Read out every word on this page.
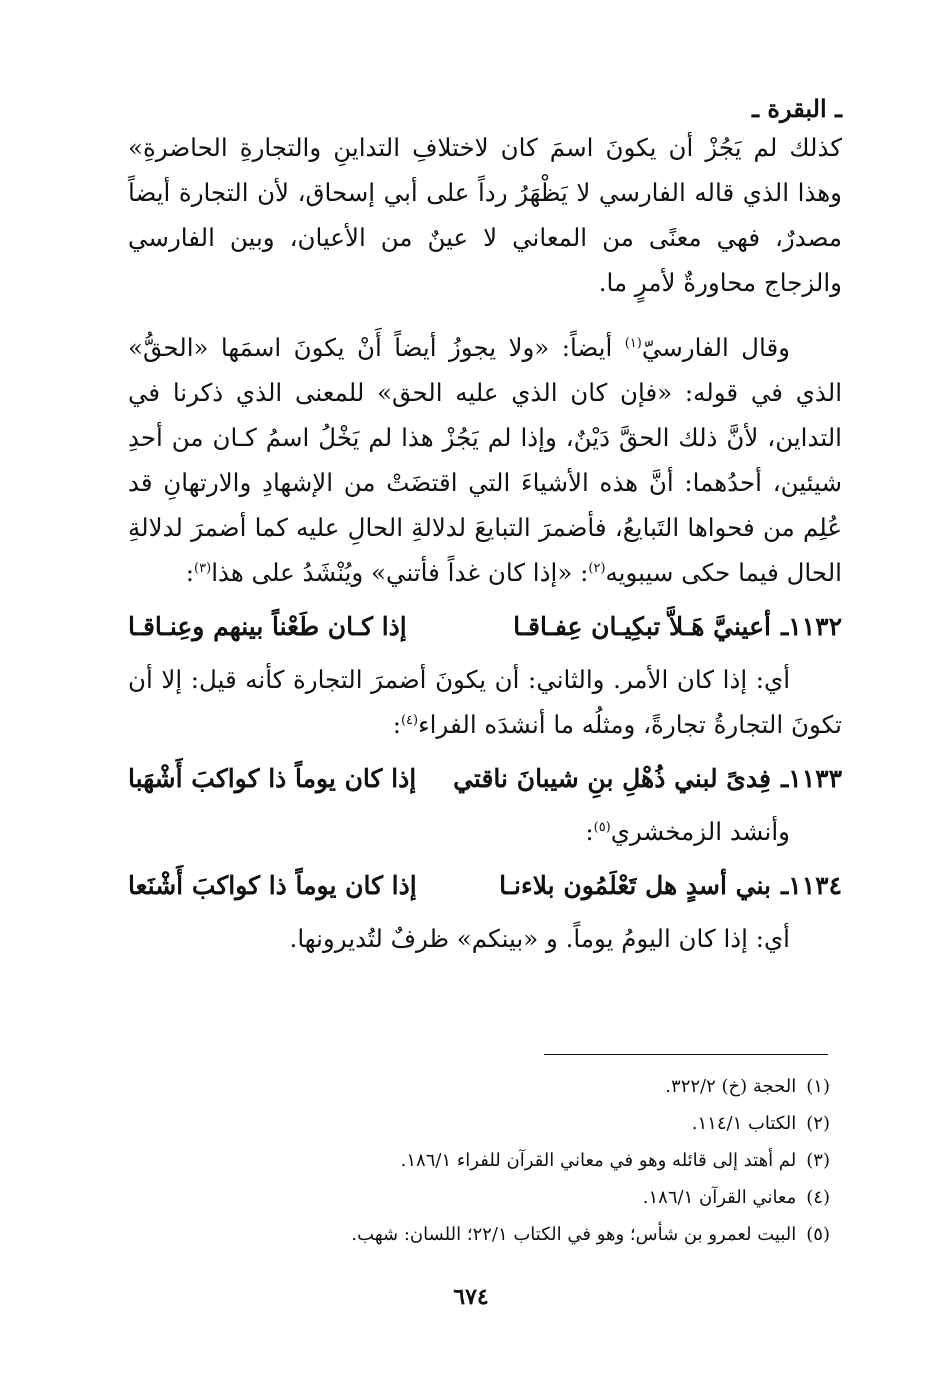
ـ البقرة ـ

كذلك لم يَجُزْ أن يكونَ اسمَ كان لاختلافِ التداينِ والتجارةِ الحاضرةِ» وهذا الذي قاله الفارسي لا يَظْهَرُ رداً على أبي إسحاق، لأن التجارة أيضاً مصدرٌ، فهي معنًى من المعاني لا عينٌ من الأعيان، وبين الفارسي والزجاج محاورةٌ لأمرٍ ما.

وقال الفارسيّ$^{(١)}$ أيضاً: «ولا يجوزُ أيضاً أَنْ يكونَ اسمَها «الحقُّ» الذي في قوله: «فإن كان الذي عليه الحق» للمعنى الذي ذكرنا في التداين، لأنَّ ذلك الحقَّ دَيْنٌ، وإذا لم يَجُزْ هذا لم يَخْلُ اسمُ كـان من أحدِ شيئين، أحدُهما: أنَّ هذه الأشياءَ التي اقتضَتْ من الإشهادِ والارتهانِ قد عُلِم من فحواها التَبايعُ، فأضمرَ التبايعَ لدلالةِ الحالِ عليه كما أضمرَ لدلالةِ الحال فيما حكى سيبويه$^{(٢)}$: «إذا كان غداً فأتني» ويُنْشَدُ على هذا$^{(٣)}$:

١١٣٢ـ
أعينيَّ هَـلاَّ تبكِيـان عِفـاقـا
إذا كـان طَعْناً بينهم وعِنـاقـا

أي: إذا كان الأمر. والثاني: أن يكونَ أضمرَ التجارة كأنه قيل: إلا أن تكونَ التجارةُ تجارةً، ومثلُه ما أنشدَه الفراء$^{(٤)}$:

١١٣٣ـ
فِدىً لبني ذُهْلِ بنِ شيبانَ ناقتي
إذا كان يوماً ذا كواكبَ أَشْهَبا

وأنشد الزمخشري$^{(٥)}$:

١١٣٤ـ
بني أسدٍ هل تَعْلَمُون بلاءنـا
إذا كان يوماً ذا كواكبَ أَشْنَعا

أي: إذا كان اليومُ يوماً. و «بينكم» ظرفٌ لتُديرونها.

(١)الحجة (خ) ٣٢٢/٢.
(٢)الكتاب ١١٤/١.
(٣)لم أهتد إلى قائله وهو في معاني القرآن للفراء ١٨٦/١.
(٤)معاني القرآن ١٨٦/١.
(٥)البيت لعمرو بن شأس؛ وهو في الكتاب ٢٢/١؛ اللسان: شهب.
٦٧٤
